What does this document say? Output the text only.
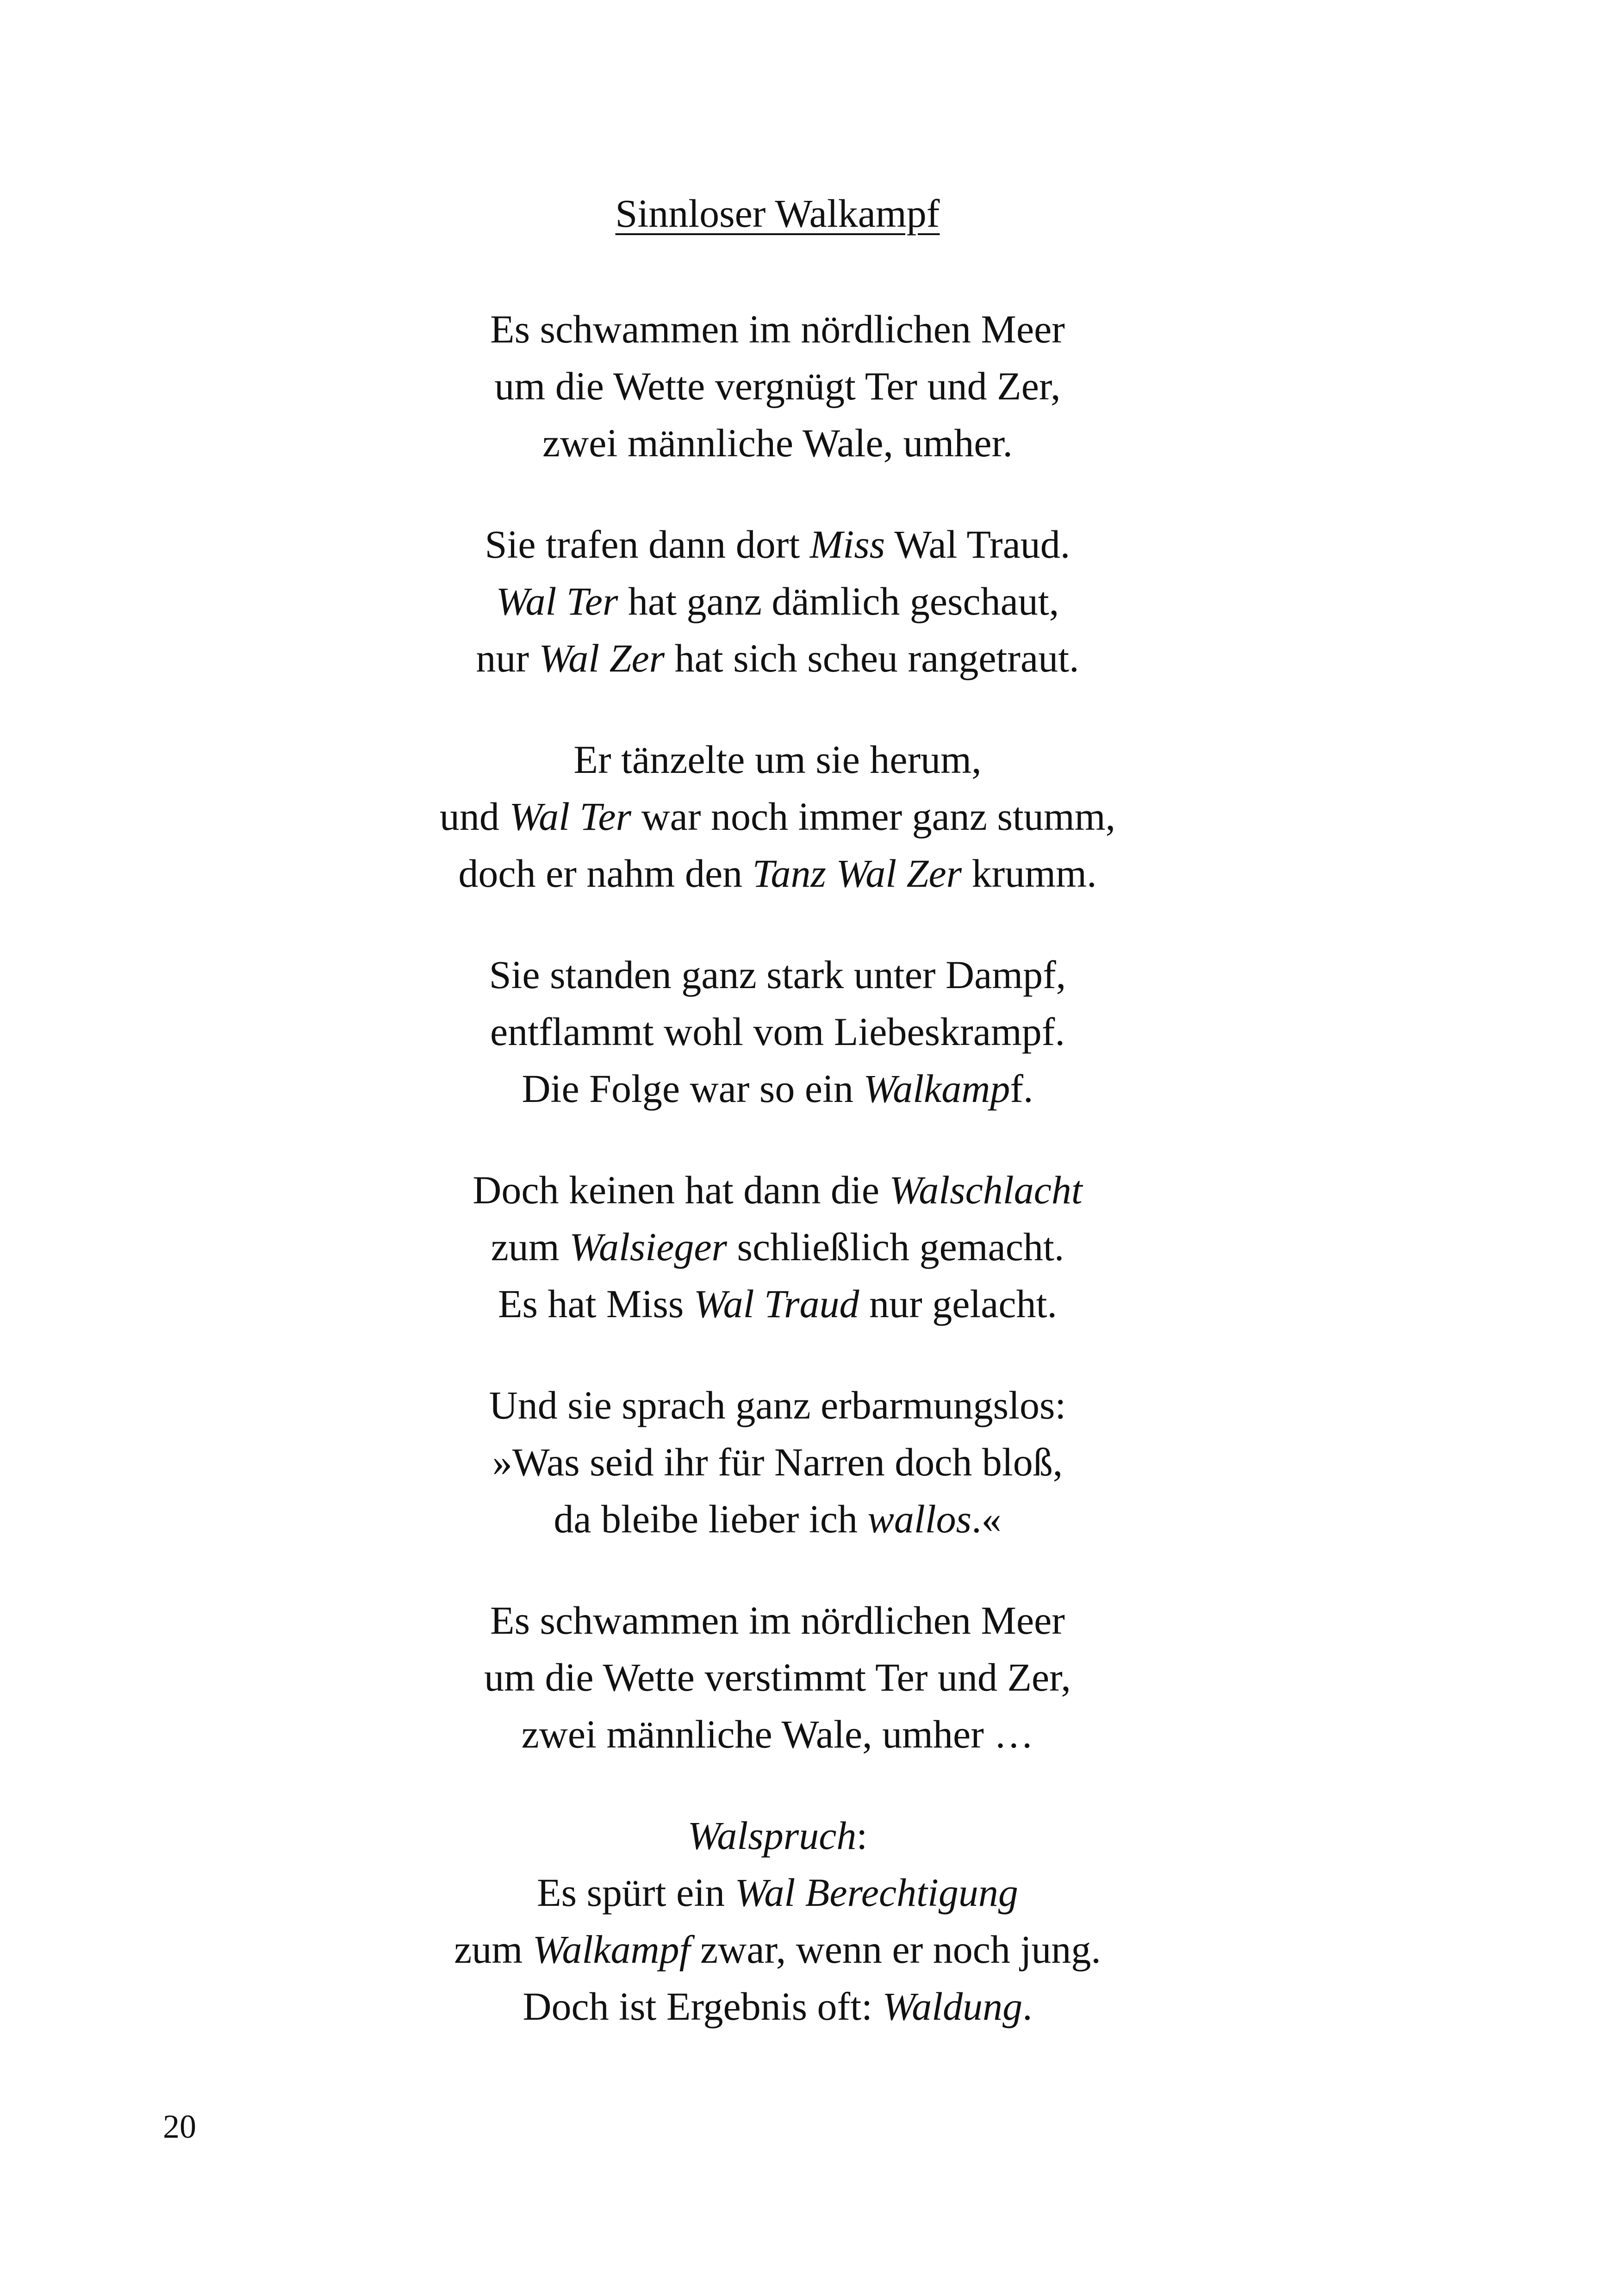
Sinnloser Walkampf
Es schwammen im nördlichen Meer
um die Wette vergnügt Ter und Zer,
zwei männliche Wale, umher.
Sie trafen dann dort Miss Wal Traud.
Wal Ter hat ganz dämlich geschaut,
nur Wal Zer hat sich scheu rangetraut.
Er tänzelte um sie herum,
und Wal Ter war noch immer ganz stumm,
doch er nahm den Tanz Wal Zer krumm.
Sie standen ganz stark unter Dampf,
entflammt wohl vom Liebeskrampf.
Die Folge war so ein Walkampf.
Doch keinen hat dann die Walschlacht
zum Walsieger schließlich gemacht.
Es hat Miss Wal Traud nur gelacht.
Und sie sprach ganz erbarmungslos:
»Was seid ihr für Narren doch bloß,
da bleibe lieber ich wallos.«
Es schwammen im nördlichen Meer
um die Wette verstimmt Ter und Zer,
zwei männliche Wale, umher …
Walspruch:
Es spürt ein Wal Berechtigung
zum Walkampf zwar, wenn er noch jung.
Doch ist Ergebnis oft: Waldung.
20
